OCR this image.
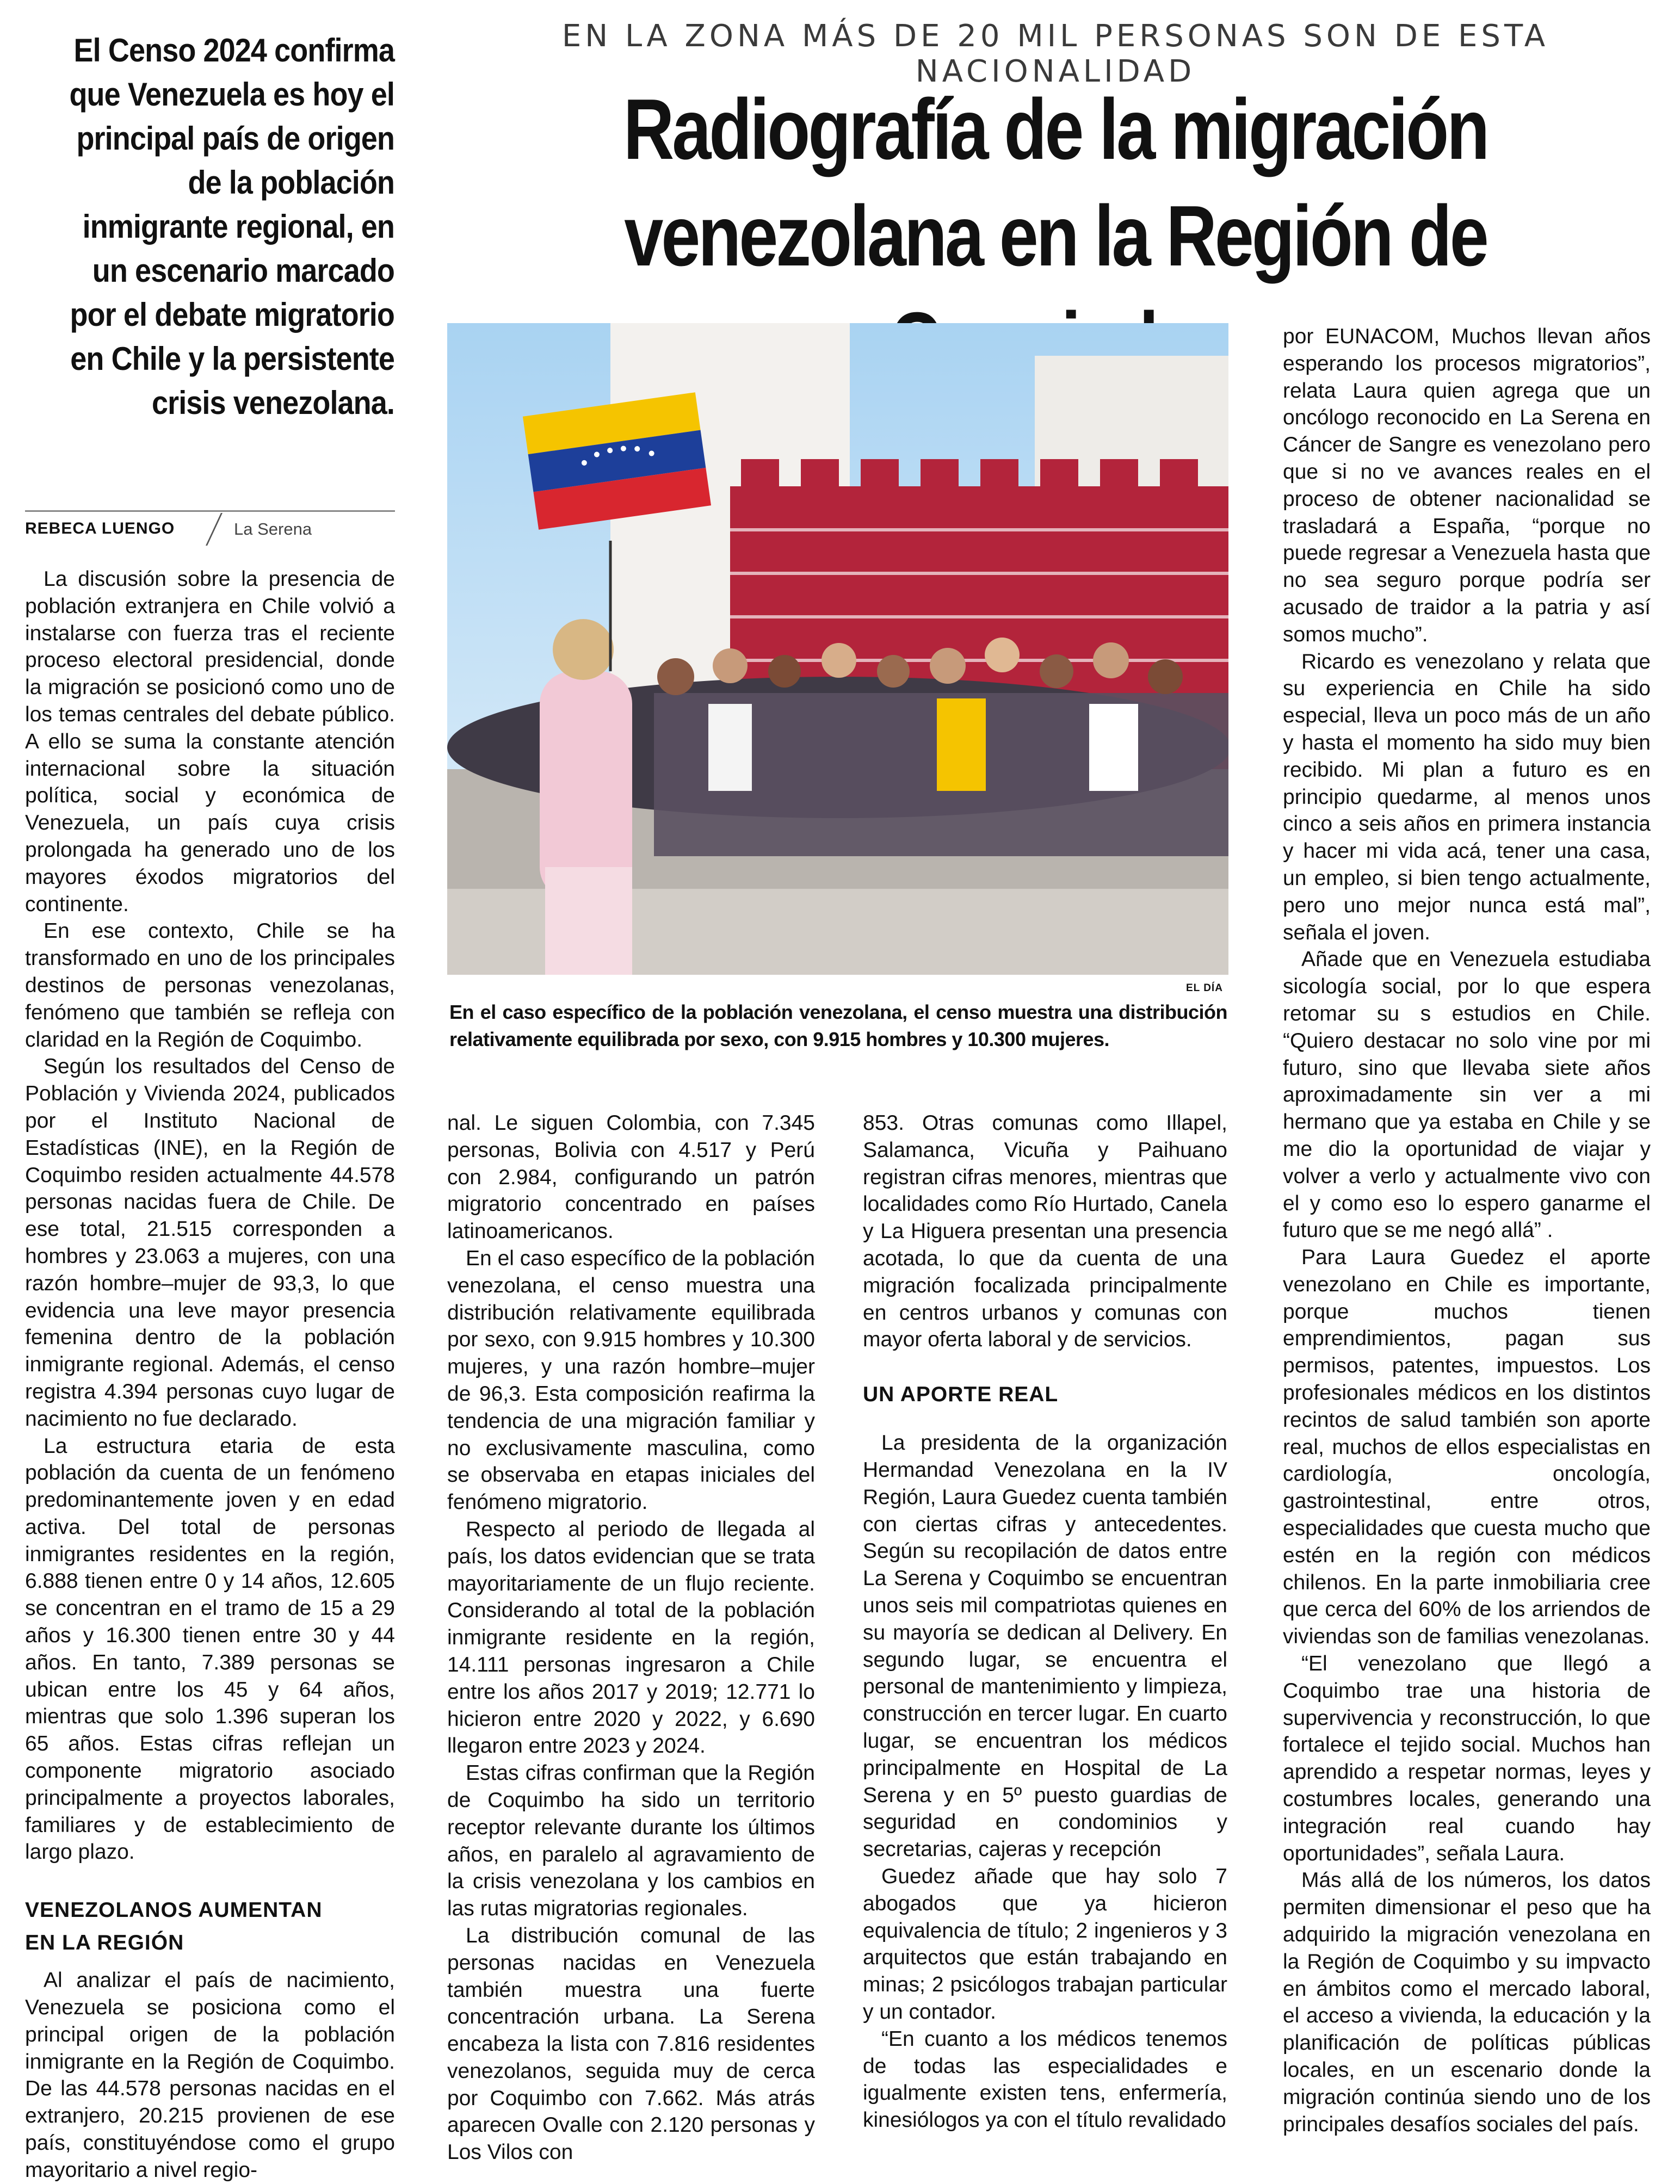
EN LA ZONA MÁS DE 20 MIL PERSONAS SON DE ESTA NACIONALIDAD
Radiografía de la migración
venezolana en la Región de
El Censo 2024 confirma que Venezuela es hoy el principal país de origen de la población inmigrante regional, en un escenario marcado por el debate migratorio en Chile y la persistente crisis venezolana.
REBECA LUENGO	La Serena

La discusión sobre la presencia de población extranjera en Chile volvió a instalarse con fuerza tras el reciente proceso electoral presidencial, donde la migración se posicionó como uno de los temas centrales del debate público. A ello se suma la constante atención internacional sobre la situación política, social y económica de Venezuela, un país cuya crisis prolongada ha generado uno de los mayores éxodos migratorios del continente.

En ese contexto, Chile se ha transformado en uno de los principales destinos de personas venezolanas, fenómeno que también se refleja con claridad en la Región de Coquimbo.

Según los resultados del Censo de Población y Vivienda 2024, publicados por el Instituto Nacional de Estadísticas (INE), en la Región de Coquimbo residen actualmente 44.578 personas nacidas fuera de Chile. De ese total, 21.515 corresponden a hombres y 23.063 a mujeres, con una razón hombre–mujer de 93,3, lo que evidencia una leve mayor presencia femenina dentro de la población inmigrante regional. Además, el censo registra 4.394 personas cuyo lugar de nacimiento no fue declarado.

La estructura etaria de esta población da cuenta de un fenómeno predominantemente joven y en edad activa. Del total de personas inmigrantes residentes en la región, 6.888 tienen entre 0 y 14 años, 12.605 se concentran en el tramo de 15 a 29 años y 16.300 tienen entre 30 y 44 años. En tanto, 7.389 personas se ubican entre los 45 y 64 años, mientras que solo 1.396 superan los 65 años. Estas cifras reflejan un componente migratorio asociado principalmente a proyectos laborales, familiares y de establecimiento de largo plazo.

VENEZOLANOS AUMENTAN EN LA REGIÓN

Al analizar el país de nacimiento, Venezuela se posiciona como el principal origen de la población inmigrante en la Región de Coquimbo. De las 44.578 personas nacidas en el extranjero, 20.215 provienen de ese país, constituyéndose como el grupo mayoritario a nivel regio-

EL DÍA
En el caso específico de la población venezolana, el censo muestra una distribución relativamente equilibrada por sexo, con 9.915 hombres y 10.300 mujeres.

nal. Le siguen Colombia, con 7.345 personas, Bolivia con 4.517 y Perú con 2.984, configurando un patrón migratorio concentrado en países latinoamericanos.

En el caso específico de la población venezolana, el censo muestra una distribución relativamente equilibrada por sexo, con 9.915 hombres y 10.300 mujeres, y una razón hombre–mujer de 96,3. Esta composición reafirma la tendencia de una migración familiar y no exclusivamente masculina, como se observaba en etapas iniciales del fenómeno migratorio.

Respecto al periodo de llegada al país, los datos evidencian que se trata mayoritariamente de un flujo reciente. Considerando al total de la población inmigrante residente en la región, 14.111 personas ingresaron a Chile entre los años 2017 y 2019; 12.771 lo hicieron entre 2020 y 2022, y 6.690 llegaron entre 2023 y 2024.

Estas cifras confirman que la Región de Coquimbo ha sido un territorio receptor relevante durante los últimos años, en paralelo al agravamiento de la crisis venezolana y los cambios en las rutas migratorias regionales.

La distribución comunal de las personas nacidas en Venezuela también muestra una fuerte concentración urbana. La Serena encabeza la lista con 7.816 residentes venezolanos, seguida muy de cerca por Coquimbo con 7.662. Más atrás aparecen Ovalle con 2.120 personas y Los Vilos con

853. Otras comunas como Illapel, Salamanca, Vicuña y Paihuano registran cifras menores, mientras que localidades como Río Hurtado, Canela y La Higuera presentan una presencia acotada, lo que da cuenta de una migración focalizada principalmente en centros urbanos y comunas con mayor oferta laboral y de servicios.

UN APORTE REAL

La presidenta de la organización Hermandad Venezolana en la IV Región, Laura Guedez cuenta también con ciertas cifras y antecedentes. Según su recopilación de datos entre La Serena y Coquimbo se encuentran unos seis mil compatriotas quienes en su mayoría se dedican al Delivery. En segundo lugar, se encuentra el personal de mantenimiento y limpieza, construcción en tercer lugar. En cuarto lugar, se encuentran los médicos principalmente en Hospital de La Serena y en 5º puesto guardias de seguridad en condominios y secretarias, cajeras y recepción

Guedez añade que hay solo 7 abogados que ya hicieron equivalencia de título; 2 ingenieros y 3 arquitectos que están trabajando en minas; 2 psicólogos trabajan particular y un contador.

“En cuanto a los médicos tenemos de todas las especialidades e igualmente existen tens, enfermería, kinesiólogos ya con el título revalidado

por EUNACOM, Muchos llevan años esperando los procesos migratorios”, relata Laura quien agrega que un oncólogo reconocido en La Serena en Cáncer de Sangre es venezolano pero que si no ve avances reales en el proceso de obtener nacionalidad se trasladará a España, “porque no puede regresar a Venezuela hasta que no sea seguro porque podría ser acusado de traidor a la patria y así somos mucho”.

Ricardo es venezolano y relata que su experiencia en Chile ha sido especial, lleva un poco más de un año y hasta el momento ha sido muy bien recibido. Mi plan a futuro es en principio quedarme, al menos unos cinco a seis años en primera instancia y hacer mi vida acá, tener una casa, un empleo, si bien tengo actualmente, pero uno mejor nunca está mal”, señala el joven.

Añade que en Venezuela estudiaba sicología social, por lo que espera retomar su s estudios en Chile. “Quiero destacar no solo vine por mi futuro, sino que llevaba siete años aproximadamente sin ver a mi hermano que ya estaba en Chile y se me dio la oportunidad de viajar y volver a verlo y actualmente vivo con el y como eso lo espero ganarme el futuro que se me negó allá” .

Para Laura Guedez el aporte venezolano en Chile es importante, porque muchos tienen emprendimientos, pagan sus permisos, patentes, impuestos. Los profesionales médicos en los distintos recintos de salud también son aporte real, muchos de ellos especialistas en cardiología, oncología, gastrointestinal, entre otros, especialidades que cuesta mucho que estén en la región con médicos chilenos. En la parte inmobiliaria cree que cerca del 60% de los arriendos de viviendas son de familias venezolanas.

“El venezolano que llegó a Coquimbo trae una historia de supervivencia y reconstrucción, lo que fortalece el tejido social. Muchos han aprendido a respetar normas, leyes y costumbres locales, generando una integración real cuando hay oportunidades”, señala Laura.

Más allá de los números, los datos permiten dimensionar el peso que ha adquirido la migración venezolana en la Región de Coquimbo y su impvacto en ámbitos como el mercado laboral, el acceso a vivienda, la educación y la planificación de políticas públicas locales, en un escenario donde la migración continúa siendo uno de los principales desafíos sociales del país.
